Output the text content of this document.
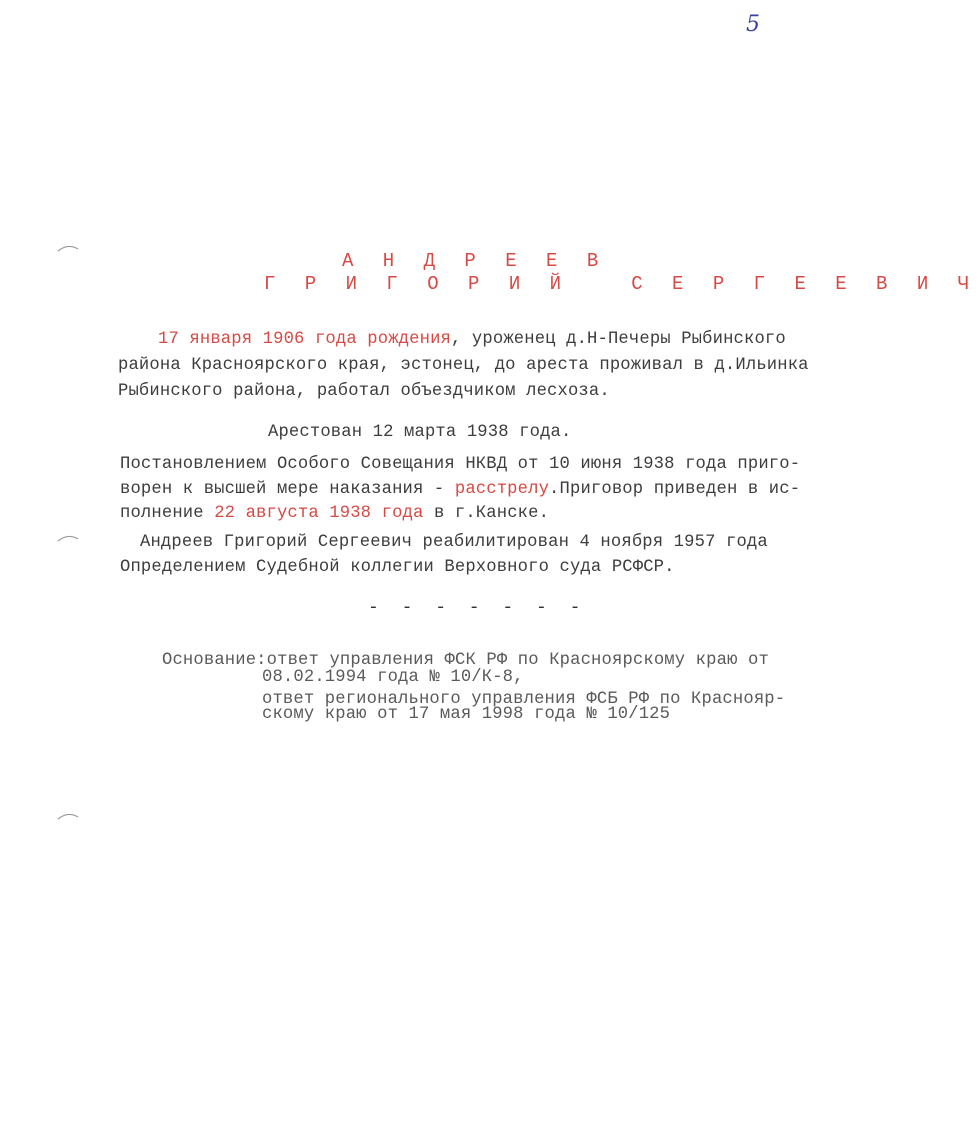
5
А Н Д Р Е Е В
Г Р И Г О Р И Й   С Е Р Г Е Е В И Ч
17 января 1906 года рождения, уроженец д.Н-Печеры Рыбинского
района Красноярского края, эстонец, до ареста проживал в д.Ильинка
Рыбинского района, работал объездчиком лесхоза.
Арестован 12 марта 1938 года.
Постановлением Особого Совещания НКВД от 10 июня 1938 года приго-
ворен к высшей мере наказания - расстрелу.Приговор приведен в ис-
полнение 22 августа 1938 года в г.Канске.
Андреев Григорий Сергеевич реабилитирован 4 ноября 1957 года
Определением Судебной коллегии Верховного суда РСФСР.
- - - - - - -
Основание:ответ управления ФСК РФ по Красноярскому краю от
08.02.1994 года № 10/К-8,
ответ регионального управления ФСБ РФ по Краснояр-
скому краю от 17 мая 1998 года № 10/125
